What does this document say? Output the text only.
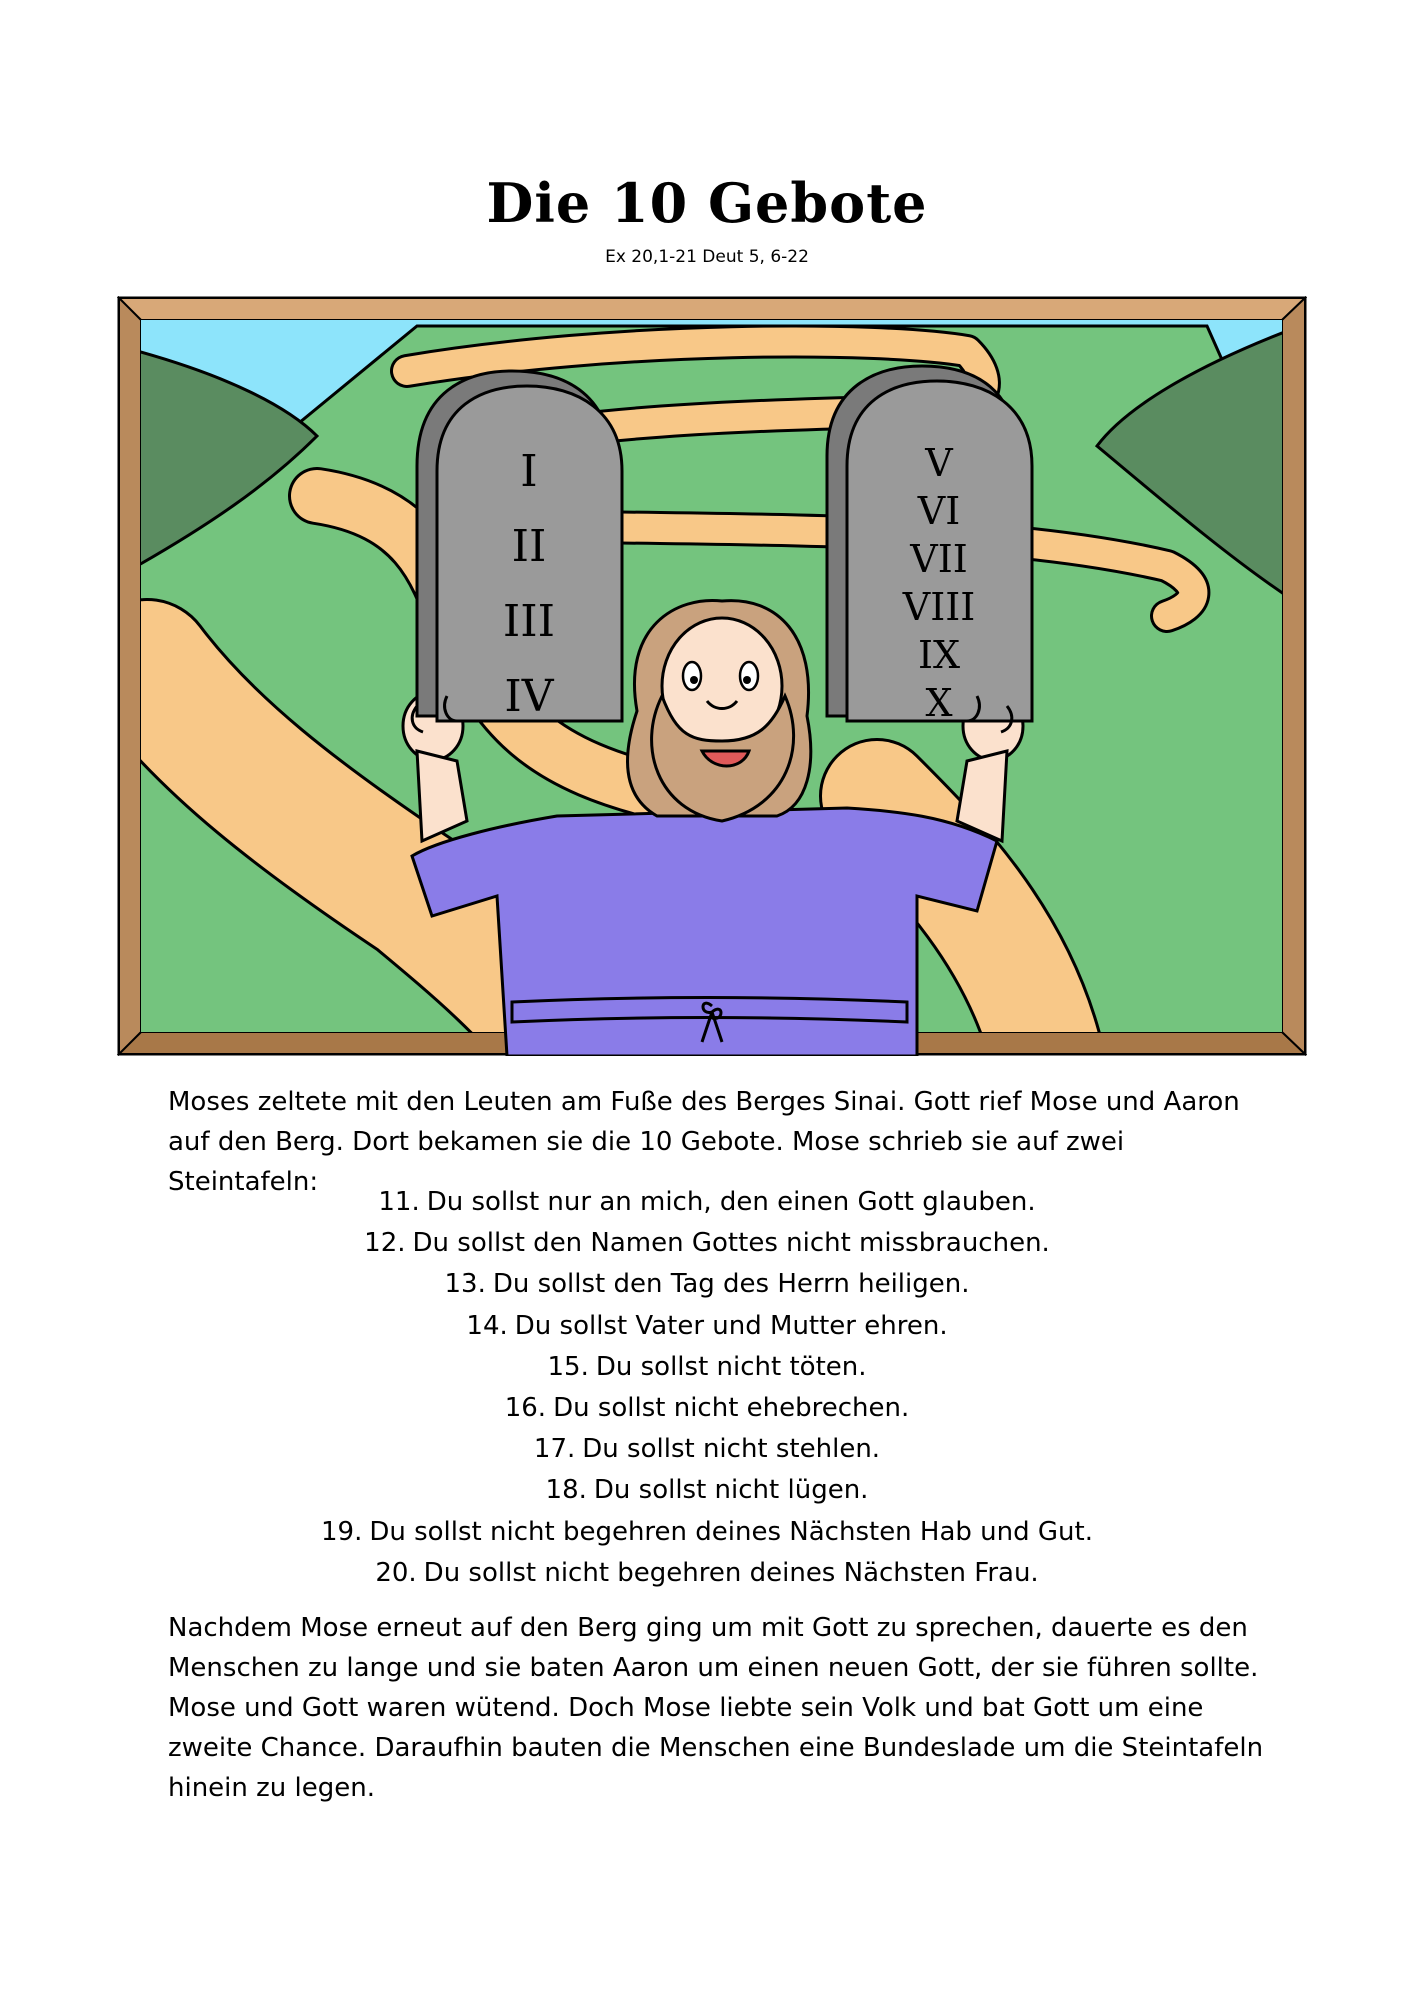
Die 10 Gebote
Ex 20,1-21 Deut 5, 6-22
I II III IV
V VI VII VIII IX X

Moses zeltete mit den Leuten am Fuße des Berges Sinai. Gott rief Mose und Aaron auf den Berg. Dort bekamen sie die 10 Gebote. Mose schrieb sie auf zwei Steintafeln:

11. Du sollst nur an mich, den einen Gott glauben.
12. Du sollst den Namen Gottes nicht missbrauchen.
13. Du sollst den Tag des Herrn heiligen.
14. Du sollst Vater und Mutter ehren.
15. Du sollst nicht töten.
16. Du sollst nicht ehebrechen.
17. Du sollst nicht stehlen.
18. Du sollst nicht lügen.
19. Du sollst nicht begehren deines Nächsten Hab und Gut.
20. Du sollst nicht begehren deines Nächsten Frau.

Nachdem Mose erneut auf den Berg ging um mit Gott zu sprechen, dauerte es den Menschen zu lange und sie baten Aaron um einen neuen Gott, der sie führen sollte. Mose und Gott waren wütend. Doch Mose liebte sein Volk und bat Gott um eine zweite Chance. Daraufhin bauten die Menschen eine Bundeslade um die Steintafeln hinein zu legen.
